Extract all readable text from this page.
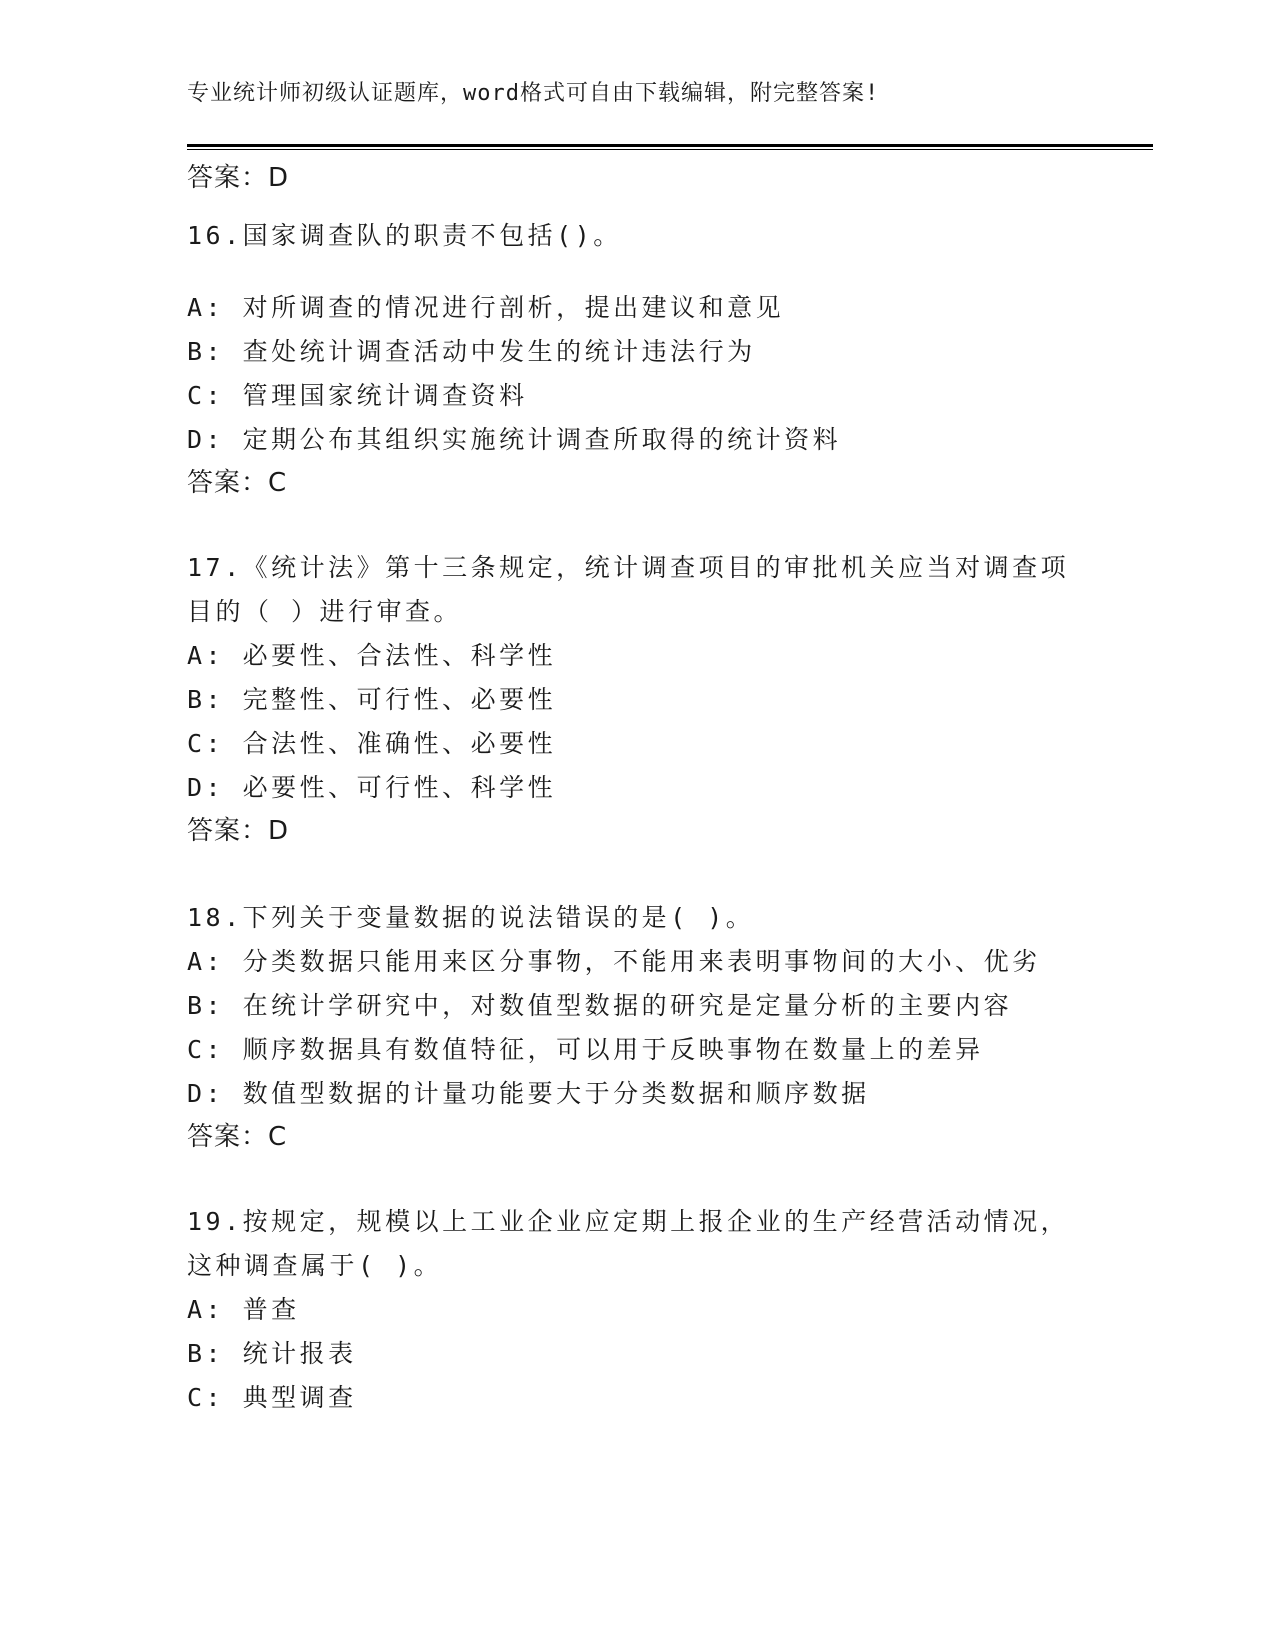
专业统计师初级认证题库，word格式可自由下载编辑，附完整答案!
答案：D
16.国家调查队的职责不包括()。
A: 对所调查的情况进行剖析，提出建议和意见
B: 查处统计调查活动中发生的统计违法行为
C: 管理国家统计调查资料
D: 定期公布其组织实施统计调查所取得的统计资料
答案：C
17.《统计法》第十三条规定，统计调查项目的审批机关应当对调查项
目的（ ）进行审查。
A: 必要性、合法性、科学性
B: 完整性、可行性、必要性
C: 合法性、准确性、必要性
D: 必要性、可行性、科学性
答案：D
18.下列关于变量数据的说法错误的是( )。
A: 分类数据只能用来区分事物，不能用来表明事物间的大小、优劣
B: 在统计学研究中，对数值型数据的研究是定量分析的主要内容
C: 顺序数据具有数值特征，可以用于反映事物在数量上的差异
D: 数值型数据的计量功能要大于分类数据和顺序数据
答案：C
19.按规定，规模以上工业企业应定期上报企业的生产经营活动情况，
这种调查属于( )。
A: 普查
B: 统计报表
C: 典型调查
